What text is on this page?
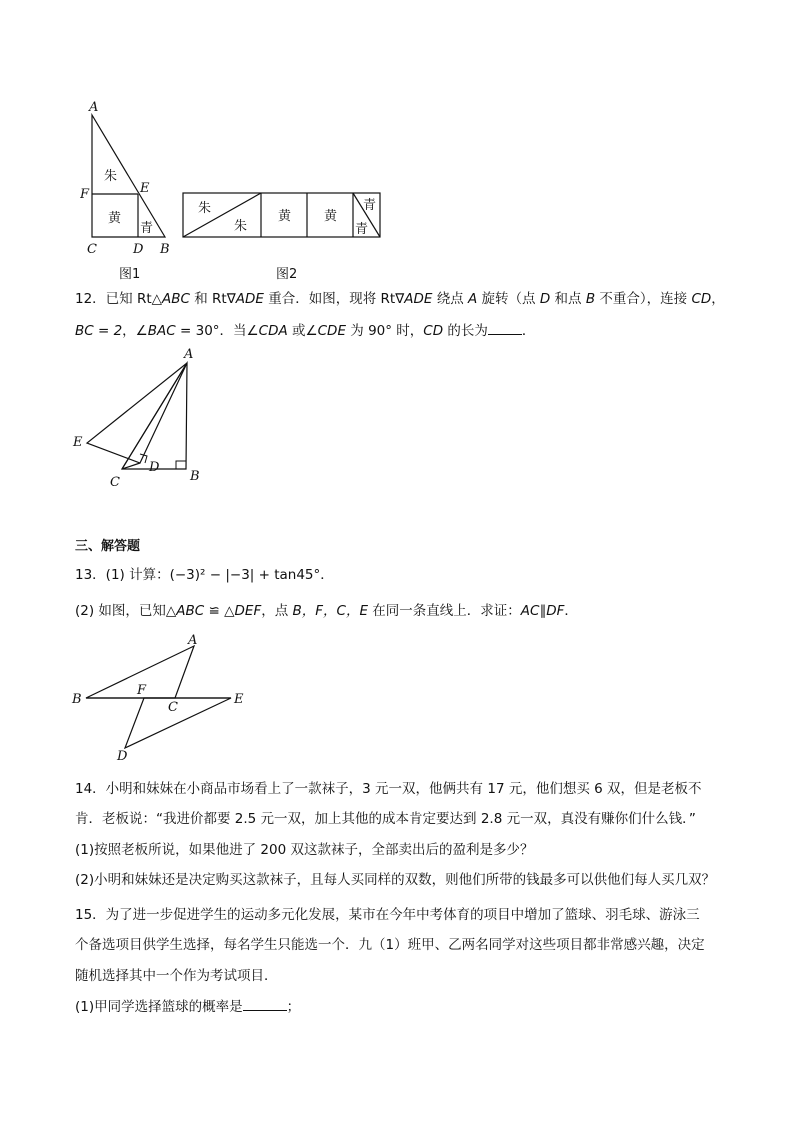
A
F	E
C	D B
朱
黄
青
图1
朱
朱
黄	黄
青
青
图2
12．已知 Rt△ABC 和 Rt∇ADE 重合．如图，现将 Rt∇ADE 绕点 A 旋转（点 D 和点 B 不重合），连接 CD，
BC = 2，∠BAC = 30°．当∠CDA 或∠CDE 为 90° 时，CD 的长为	．
A
E
D
C	B
三、解答题
13．(1) 计算：(−3)² − |−3| + tan45°．
(2) 如图，已知△ABC ≌ △DEF，点 B，F，C，E 在同一条直线上．求证：AC∥DF．
A
B
F
C
E
D
14．小明和妹妹在小商品市场看上了一款袜子，3 元一双，他俩共有 17 元，他们想买 6 双，但是老板不
肯．老板说：“我进价都要 2.5 元一双，加上其他的成本肯定要达到 2.8 元一双，真没有赚你们什么钱．”
(1)按照老板所说，如果他进了 200 双这款袜子，全部卖出后的盈利是多少？
(2)小明和妹妹还是决定购买这款袜子，且每人买同样的双数，则他们所带的钱最多可以供他们每人买几双？
15．为了进一步促进学生的运动多元化发展，某市在今年中考体育的项目中增加了篮球、羽毛球、游泳三
个备选项目供学生选择，每名学生只能选一个．九（1）班甲、乙两名同学对这些项目都非常感兴趣，决定
随机选择其中一个作为考试项目．
(1)甲同学选择篮球的概率是	；
